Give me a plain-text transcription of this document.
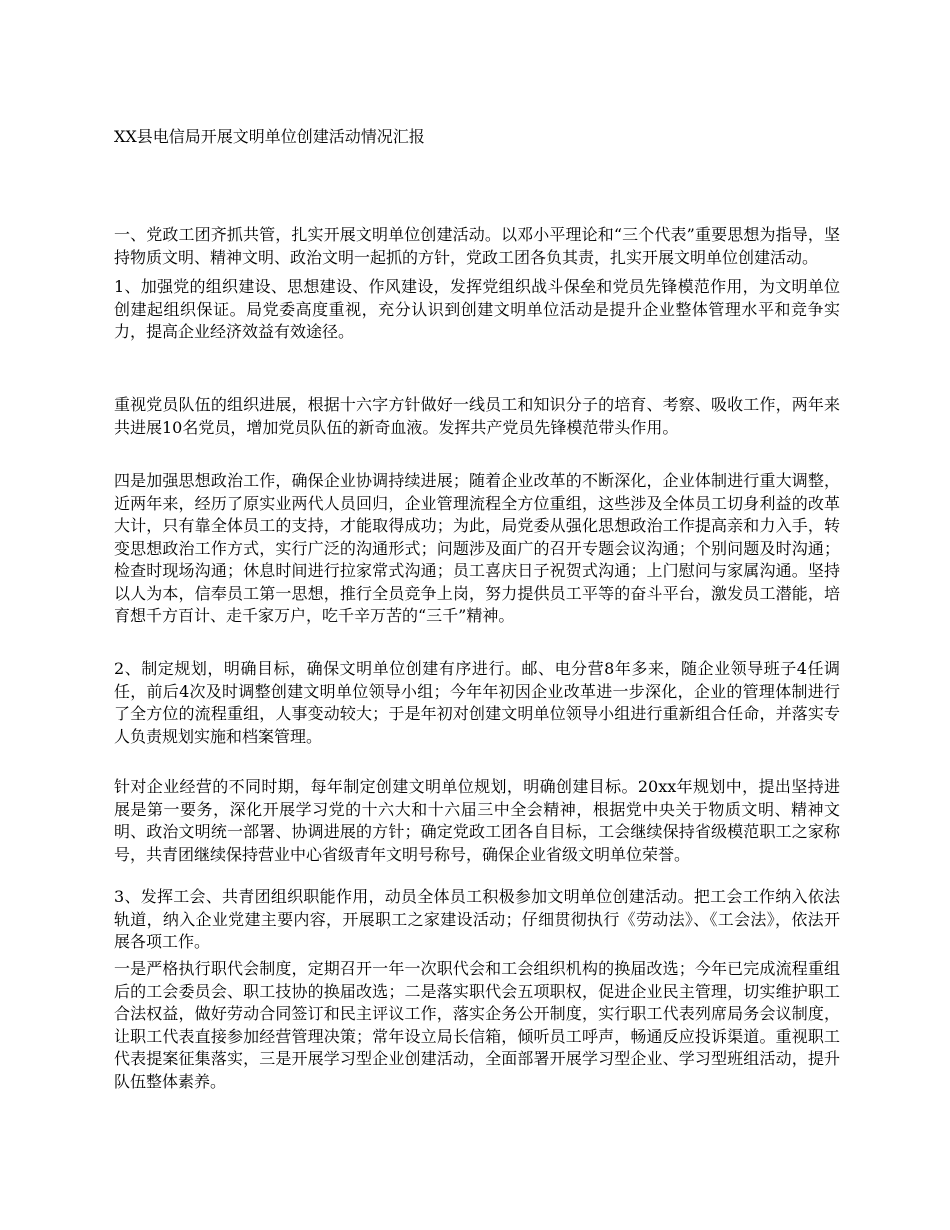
XX县电信局开展文明单位创建活动情况汇报

一、党政工团齐抓共管，扎实开展文明单位创建活动。以邓小平理论和“三个代表”重要思想为指导，坚持物质文明、精神文明、政治文明一起抓的方针，党政工团各负其责，扎实开展文明单位创建活动。

1、加强党的组织建设、思想建设、作风建设，发挥党组织战斗保垒和党员先锋模范作用，为文明单位创建起组织保证。局党委高度重视，充分认识到创建文明单位活动是提升企业整体管理水平和竞争实力，提高企业经济效益有效途径。

重视党员队伍的组织进展，根据十六字方针做好一线员工和知识分子的培育、考察、吸收工作，两年来共进展10名党员，增加党员队伍的新奇血液。发挥共产党员先锋模范带头作用。

四是加强思想政治工作，确保企业协调持续进展；随着企业改革的不断深化，企业体制进行重大调整，近两年来，经历了原实业两代人员回归，企业管理流程全方位重组，这些涉及全体员工切身利益的改革大计，只有靠全体员工的支持，才能取得成功；为此，局党委从强化思想政治工作提高亲和力入手，转变思想政治工作方式，实行广泛的沟通形式；问题涉及面广的召开专题会议沟通；个别问题及时沟通；检查时现场沟通；休息时间进行拉家常式沟通；员工喜庆日子祝贺式沟通；上门慰问与家属沟通。坚持以人为本，信奉员工第一思想，推行全员竞争上岗，努力提供员工平等的奋斗平台，激发员工潜能，培育想千方百计、走千家万户，吃千辛万苦的“三千”精神。

2、制定规划，明确目标，确保文明单位创建有序进行。邮、电分营8年多来，随企业领导班子4任调任，前后4次及时调整创建文明单位领导小组；今年年初因企业改革进一步深化，企业的管理体制进行了全方位的流程重组，人事变动较大；于是年初对创建文明单位领导小组进行重新组合任命，并落实专人负责规划实施和档案管理。

针对企业经营的不同时期，每年制定创建文明单位规划，明确创建目标。20xx年规划中，提出坚持进展是第一要务，深化开展学习党的十六大和十六届三中全会精神，根据党中央关于物质文明、精神文明、政治文明统一部署、协调进展的方针；确定党政工团各自目标，工会继续保持省级模范职工之家称号，共青团继续保持营业中心省级青年文明号称号，确保企业省级文明单位荣誉。

3、发挥工会、共青团组织职能作用，动员全体员工积极参加文明单位创建活动。把工会工作纳入依法轨道，纳入企业党建主要内容，开展职工之家建设活动；仔细贯彻执行《劳动法》、《工会法》，依法开展各项工作。

一是严格执行职代会制度，定期召开一年一次职代会和工会组织机构的换届改选；今年已完成流程重组后的工会委员会、职工技协的换届改选；二是落实职代会五项职权，促进企业民主管理，切实维护职工合法权益，做好劳动合同签订和民主评议工作，落实企务公开制度，实行职工代表列席局务会议制度，让职工代表直接参加经营管理决策；常年设立局长信箱，倾听员工呼声，畅通反应投诉渠道。重视职工代表提案征集落实，三是开展学习型企业创建活动，全面部署开展学习型企业、学习型班组活动，提升队伍整体素养。
